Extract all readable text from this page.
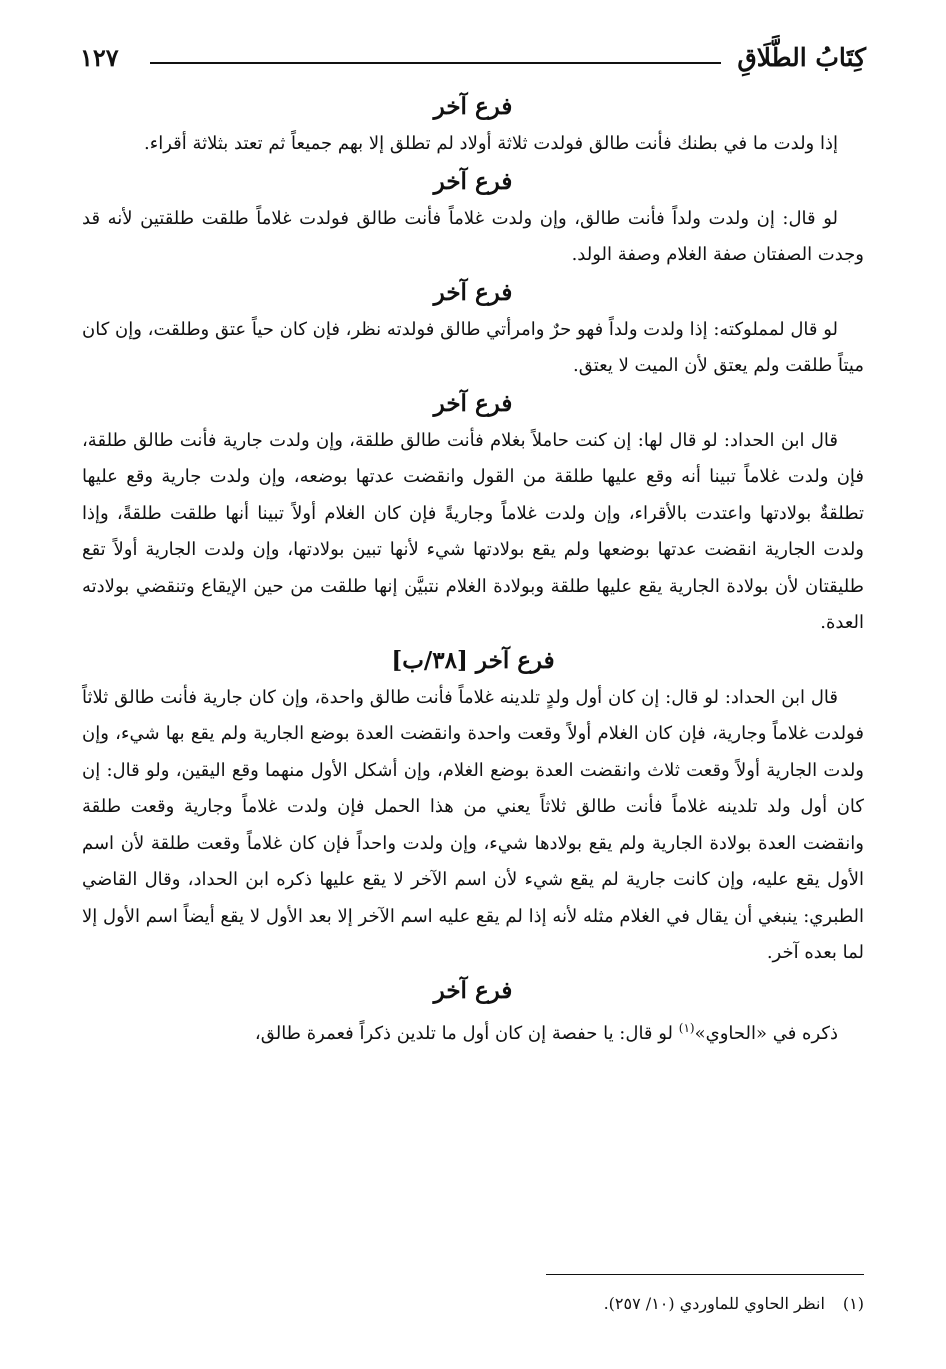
كِتَابُ الطَّلَاقِ
١٢٧
فرع آخر

إذا ولدت ما في بطنك فأنت طالق فولدت ثلاثة أولاد لم تطلق إلا بهم جميعاً ثم تعتد بثلاثة أقراء.

فرع آخر

لو قال: إن ولدت ولداً فأنت طالق، وإن ولدت غلاماً فأنت طالق فولدت غلاماً طلقت طلقتين لأنه قد وجدت الصفتان صفة الغلام وصفة الولد.

فرع آخر

لو قال لمملوكته: إذا ولدت ولداً فهو حرٌ وامرأتي طالق فولدته نظر، فإن كان حياً عتق وطلقت، وإن كان ميتاً طلقت ولم يعتق لأن الميت لا يعتق.

فرع آخر

قال ابن الحداد: لو قال لها: إن كنت حاملاً بغلام فأنت طالق طلقة، وإن ولدت جارية فأنت طالق طلقة، فإن ولدت غلاماً تبينا أنه وقع عليها طلقة من القول وانقضت عدتها بوضعه، وإن ولدت جارية وقع عليها تطلقةٌ بولادتها واعتدت بالأقراء، وإن ولدت غلاماً وجاريةً فإن كان الغلام أولاً تبينا أنها طلقت طلقةً، وإذا ولدت الجارية انقضت عدتها بوضعها ولم يقع بولادتها شيء لأنها تبين بولادتها، وإن ولدت الجارية أولاً تقع طليقتان لأن بولادة الجارية يقع عليها طلقة وبولادة الغلام نتبيَّن إنها طلقت من حين الإيقاع وتنقضي بولادته العدة.

فرع آخر [٣٨/ب]

قال ابن الحداد: لو قال: إن كان أول ولدٍ تلدينه غلاماً فأنت طالق واحدة، وإن كان جارية فأنت طالق ثلاثاً فولدت غلاماً وجارية، فإن كان الغلام أولاً وقعت واحدة وانقضت العدة بوضع الجارية ولم يقع بها شيء، وإن ولدت الجارية أولاً وقعت ثلاث وانقضت العدة بوضع الغلام، وإن أشكل الأول منهما وقع اليقين، ولو قال: إن كان أول ولد تلدينه غلاماً فأنت طالق ثلاثاً يعني من هذا الحمل فإن ولدت غلاماً وجارية وقعت طلقة وانقضت العدة بولادة الجارية ولم يقع بولادها شيء، وإن ولدت واحداً فإن كان غلاماً وقعت طلقة لأن اسم الأول يقع عليه، وإن كانت جارية لم يقع شيء لأن اسم الآخر لا يقع عليها ذكره ابن الحداد، وقال القاضي الطبري: ينبغي أن يقال في الغلام مثله لأنه إذا لم يقع عليه اسم الآخر إلا بعد الأول لا يقع أيضاً اسم الأول إلا لما بعده آخر.

فرع آخر

ذكره في «الحاوي»$^{(١)}$ لو قال: يا حفصة إن كان أول ما تلدين ذكراً فعمرة طالق،

(١)انظر الحاوي للماوردي (١٠/ ٢٥٧).
